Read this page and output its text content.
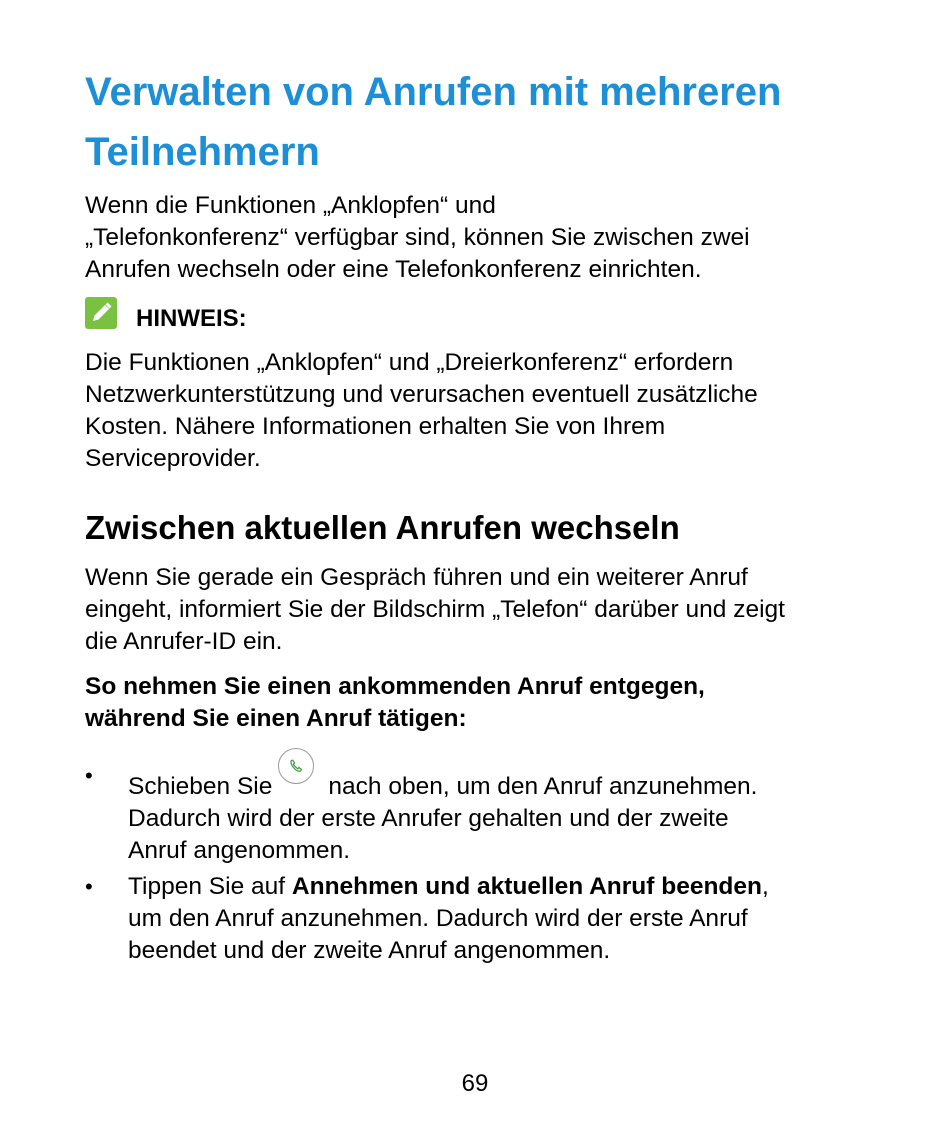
Verwalten von Anrufen mit mehreren
Teilnehmern

Wenn die Funktionen „Anklopfen“ und
„Telefonkonferenz“ verfügbar sind, können Sie zwischen zwei
Anrufen wechseln oder eine Telefonkonferenz einrichten.

HINWEIS:

Die Funktionen „Anklopfen“ und „Dreierkonferenz“ erfordern
Netzwerkunterstützung und verursachen eventuell zusätzliche
Kosten. Nähere Informationen erhalten Sie von Ihrem
Serviceprovider.

Zwischen aktuellen Anrufen wechseln

Wenn Sie gerade ein Gespräch führen und ein weiterer Anruf
eingeht, informiert Sie der Bildschirm „Telefon“ darüber und zeigt
die Anrufer-ID ein.

So nehmen Sie einen ankommenden Anruf entgegen,
während Sie einen Anruf tätigen:

• Schieben Sie nach oben, um den Anruf anzunehmen.
Dadurch wird der erste Anrufer gehalten und der zweite
Anruf angenommen.
• Tippen Sie auf Annehmen und aktuellen Anruf beenden,
um den Anruf anzunehmen. Dadurch wird der erste Anruf
beendet und der zweite Anruf angenommen.
69
